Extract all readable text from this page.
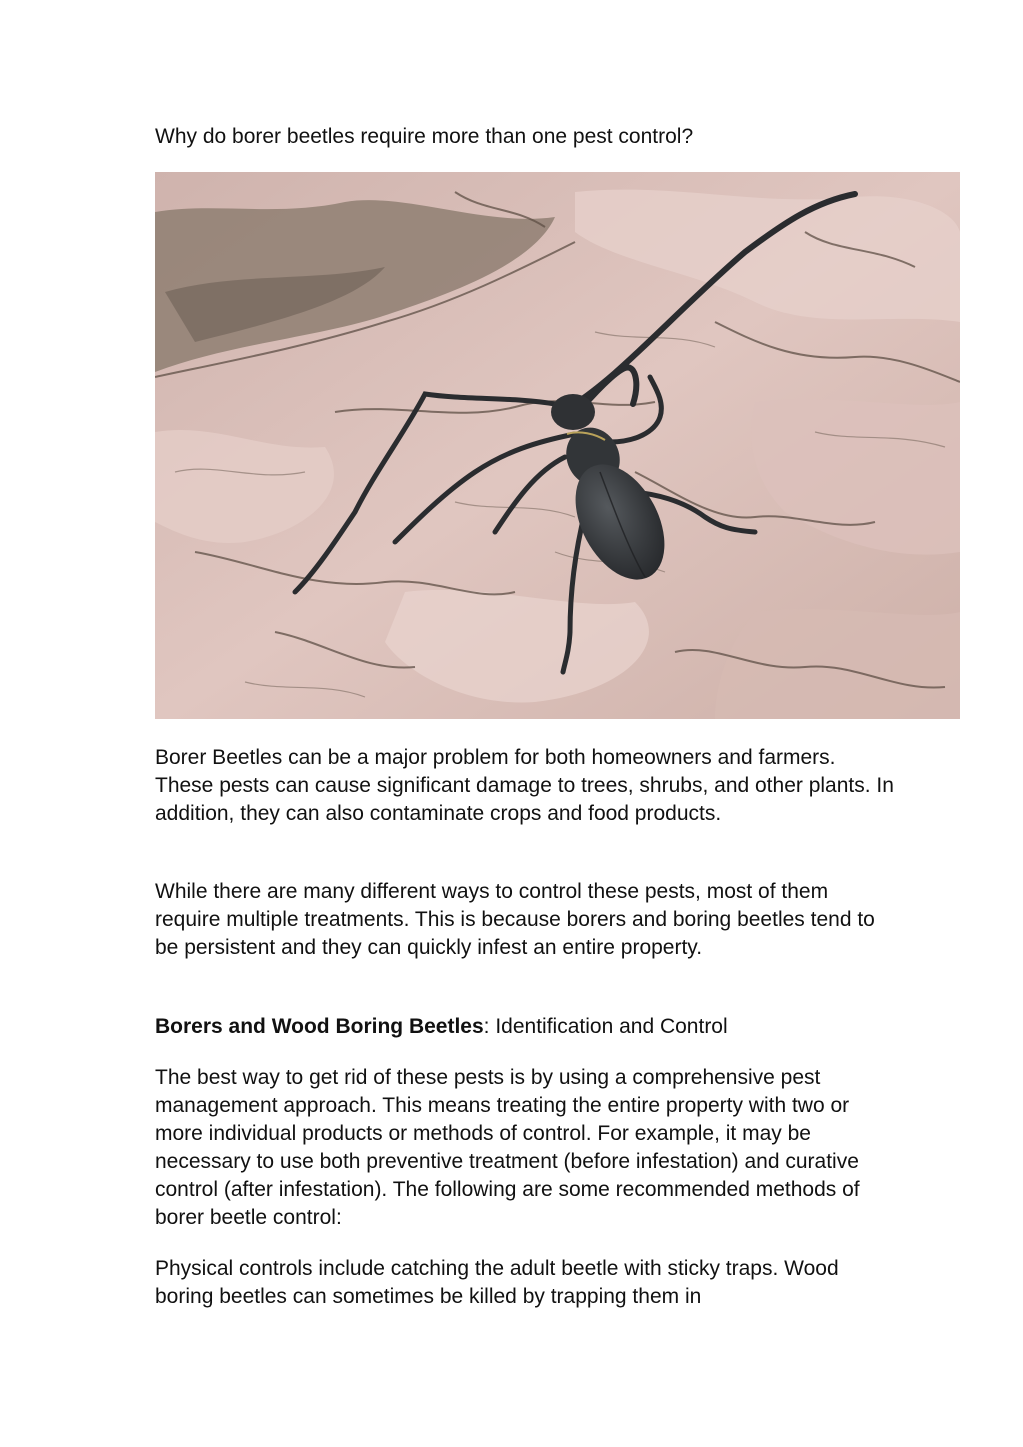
Why do borer beetles require more than one pest control?

Borer Beetles can be a major problem for both homeowners and farmers. These pests can cause significant damage to trees, shrubs, and other plants. In addition, they can also contaminate crops and food products.

While there are many different ways to control these pests, most of them require multiple treatments. This is because borers and boring beetles tend to be persistent and they can quickly infest an entire property.

Borers and Wood Boring Beetles: Identification and Control

The best way to get rid of these pests is by using a comprehensive pest management approach. This means treating the entire property with two or more individual products or methods of control. For example, it may be necessary to use both preventive treatment (before infestation) and curative control (after infestation). The following are some recommended methods of borer beetle control:

Physical controls include catching the adult beetle with sticky traps. Wood boring beetles can sometimes be killed by trapping them in
